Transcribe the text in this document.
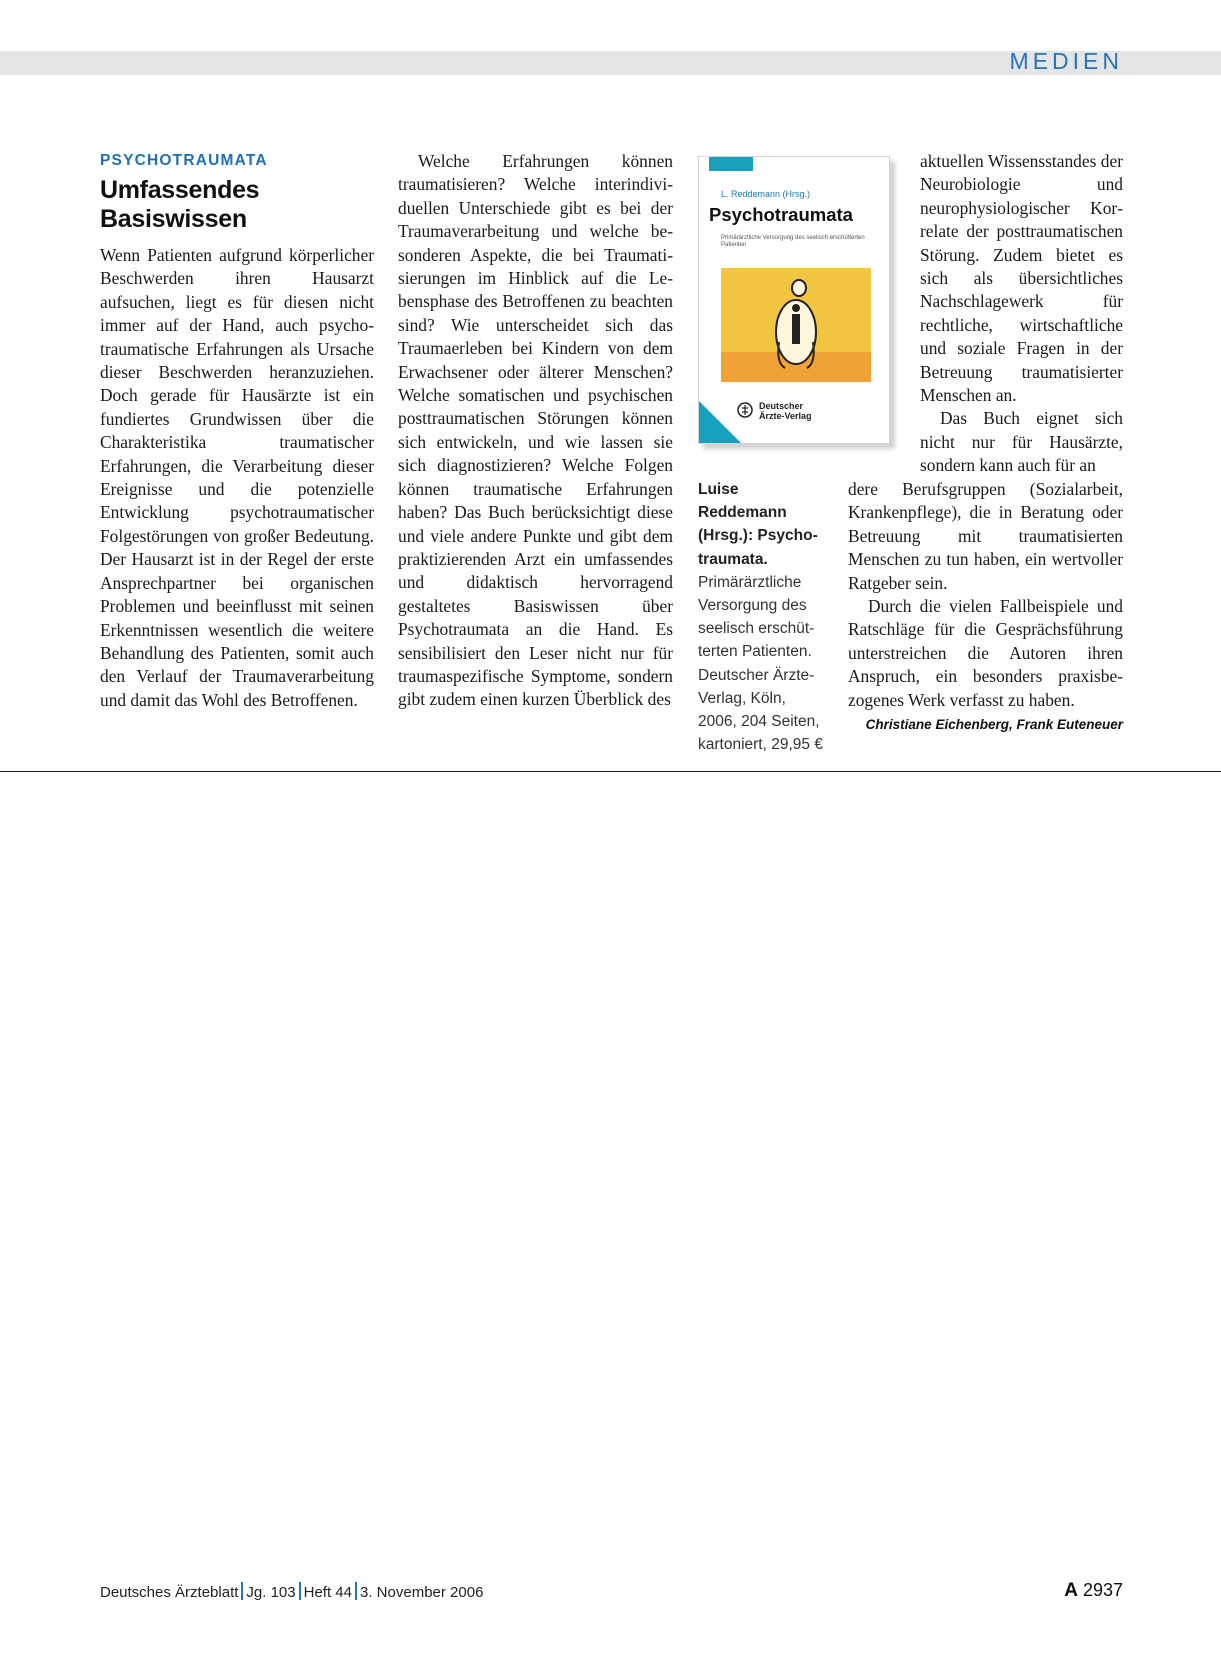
MEDIEN
PSYCHOTRAUMATA
Umfassendes
Basiswissen

Wenn Patienten aufgrund körperlicher Beschwerden ihren Hausarzt aufsuchen, liegt es für diesen nicht immer auf der Hand, auch psychotraumatische Erfahrungen als Ursache dieser Beschwerden heranzuziehen. Doch gerade für Hausärzte ist ein fundiertes Grundwissen über die Charakteristika traumatischer Erfahrungen, die Verarbeitung dieser Ereignisse und die potenzielle Entwicklung psychotraumatischer Folgestörungen von großer Bedeutung. Der Hausarzt ist in der Regel der erste Ansprechpartner bei organischen Problemen und beeinflusst mit seinen Erkenntnissen wesentlich die weitere Behandlung des Patienten, somit auch den Verlauf der Traumaverarbeitung und damit das Wohl des Betroffenen.

Welche Erfahrungen können traumatisieren? Welche interindividuellen Unterschiede gibt es bei der Traumaverarbeitung und welche besonderen Aspekte, die bei Traumatisierungen im Hinblick auf die Lebensphase des Betroffenen zu beachten sind? Wie unterscheidet sich das Traumaerleben bei Kindern von dem Erwachsener oder älterer Menschen? Welche somatischen und psychischen posttraumatischen Störungen können sich entwickeln, und wie lassen sie sich diagnostizieren? Welche Folgen können traumatische Erfahrungen haben? Das Buch berücksichtigt diese und viele andere Punkte und gibt dem praktizierenden Arzt ein umfassendes und didaktisch hervorragend gestaltetes Basiswissen über Psychotraumata an die Hand. Es sensibilisiert den Leser nicht nur für traumaspezifische Symptome, sondern gibt zudem einen kurzen Überblick des

aktuellen Wissensstandes der Neurobiologie und neurophysiologischer Korrelate der posttraumatischen Störung. Zudem bietet es sich als übersichtliches Nachschlagewerk für rechtliche, wirtschaftliche und soziale Fragen in der Betreuung traumatisierter Menschen an.

Das Buch eignet sich nicht nur für Hausärzte, sondern kann auch für an

dere Berufsgruppen (Sozialarbeit, Krankenpflege), die in Beratung oder Betreuung mit traumatisierten Menschen zu tun haben, ein wertvoller Ratgeber sein.

Durch die vielen Fallbeispiele und Ratschläge für die Gesprächsführung unterstreichen die Autoren ihren Anspruch, ein besonders praxisbezogenes Werk verfasst zu haben.

Christiane Eichenberg, Frank Euteneuer
L. Reddemann (Hrsg.)
Psychotraumata
Primärärztliche Versorgung des seelisch erschütterten Patienten
Deutscher
Ärzte-Verlag
Luise Reddemann (Hrsg.): Psychotraumata. Primärärztliche Versorgung des seelisch erschütterten Patienten. Deutscher Ärzte-Verlag, Köln, 2006, 204 Seiten, kartoniert, 29,95 €
Deutsches Ärzteblatt Jg. 103 Heft 44 3. November 2006	A 2937
